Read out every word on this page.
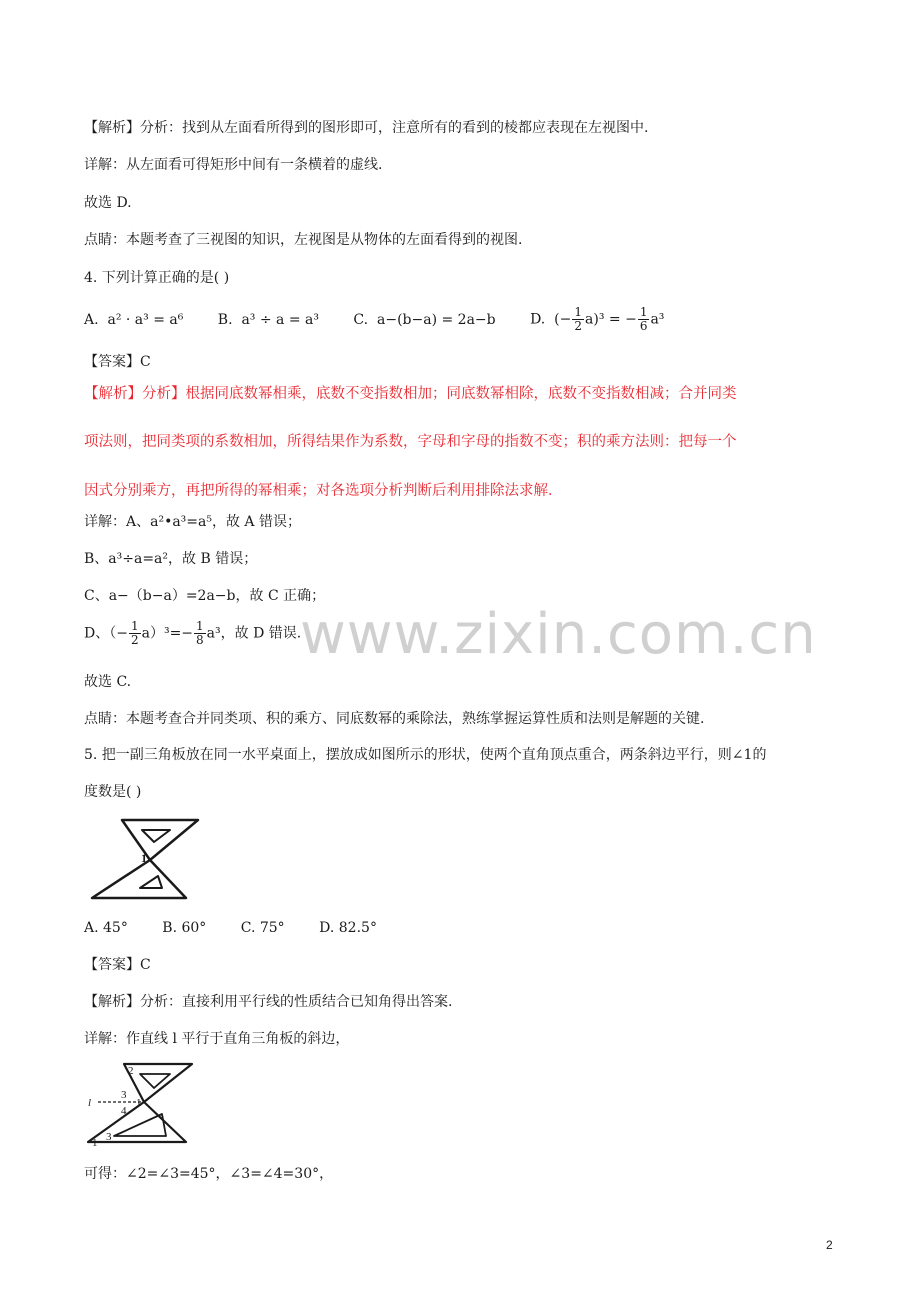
【解析】分析：找到从左面看所得到的图形即可，注意所有的看到的棱都应表现在左视图中.
详解：从左面看可得矩形中间有一条横着的虚线.
故选 D.
点睛：本题考查了三视图的知识，左视图是从物体的左面看得到的视图.
4. 下列计算正确的是( )
A. a² · a³ = a⁶ B. a³ ÷ a = a³ C. a−(b−a) = 2a−b D. (− $\frac{1}{2} a)^3$ = − $\frac{1}{6} a^3$
【答案】C
【解析】分析】根据同底数幂相乘，底数不变指数相加；同底数幂相除，底数不变指数相减；合并同类
项法则，把同类项的系数相加，所得结果作为系数，字母和字母的指数不变；积的乘方法则：把每一个
因式分别乘方，再把所得的幂相乘；对各选项分析判断后利用排除法求解．
详解：A、a²•a³=a⁵，故 A 错误；
B、a³÷a=a²，故 B 错误；
C、a−（b−a）=2a−b，故 C 正确；
D、（− $\frac{1}{2} a)^3=- \frac{1}{8} a^3$，故 D 错误.
故选 C.
点睛：本题考查合并同类项、积的乘方、同底数幂的乘除法，熟练掌握运算性质和法则是解题的关键.
5. 把一副三角板放在同一水平桌面上，摆放成如图所示的形状，使两个直角顶点重合，两条斜边平行，则∠1的
度数是( )
1
A. 45° B. 60° C. 75° D. 82.5°
【答案】C
【解析】分析：直接利用平行线的性质结合已知角得出答案.
详解：作直线 l 平行于直角三角板的斜边，
l
2
3
4
1
3
1
可得：∠2=∠3=45°，∠3=∠4=30°，
www.zixin.com.cn
2
